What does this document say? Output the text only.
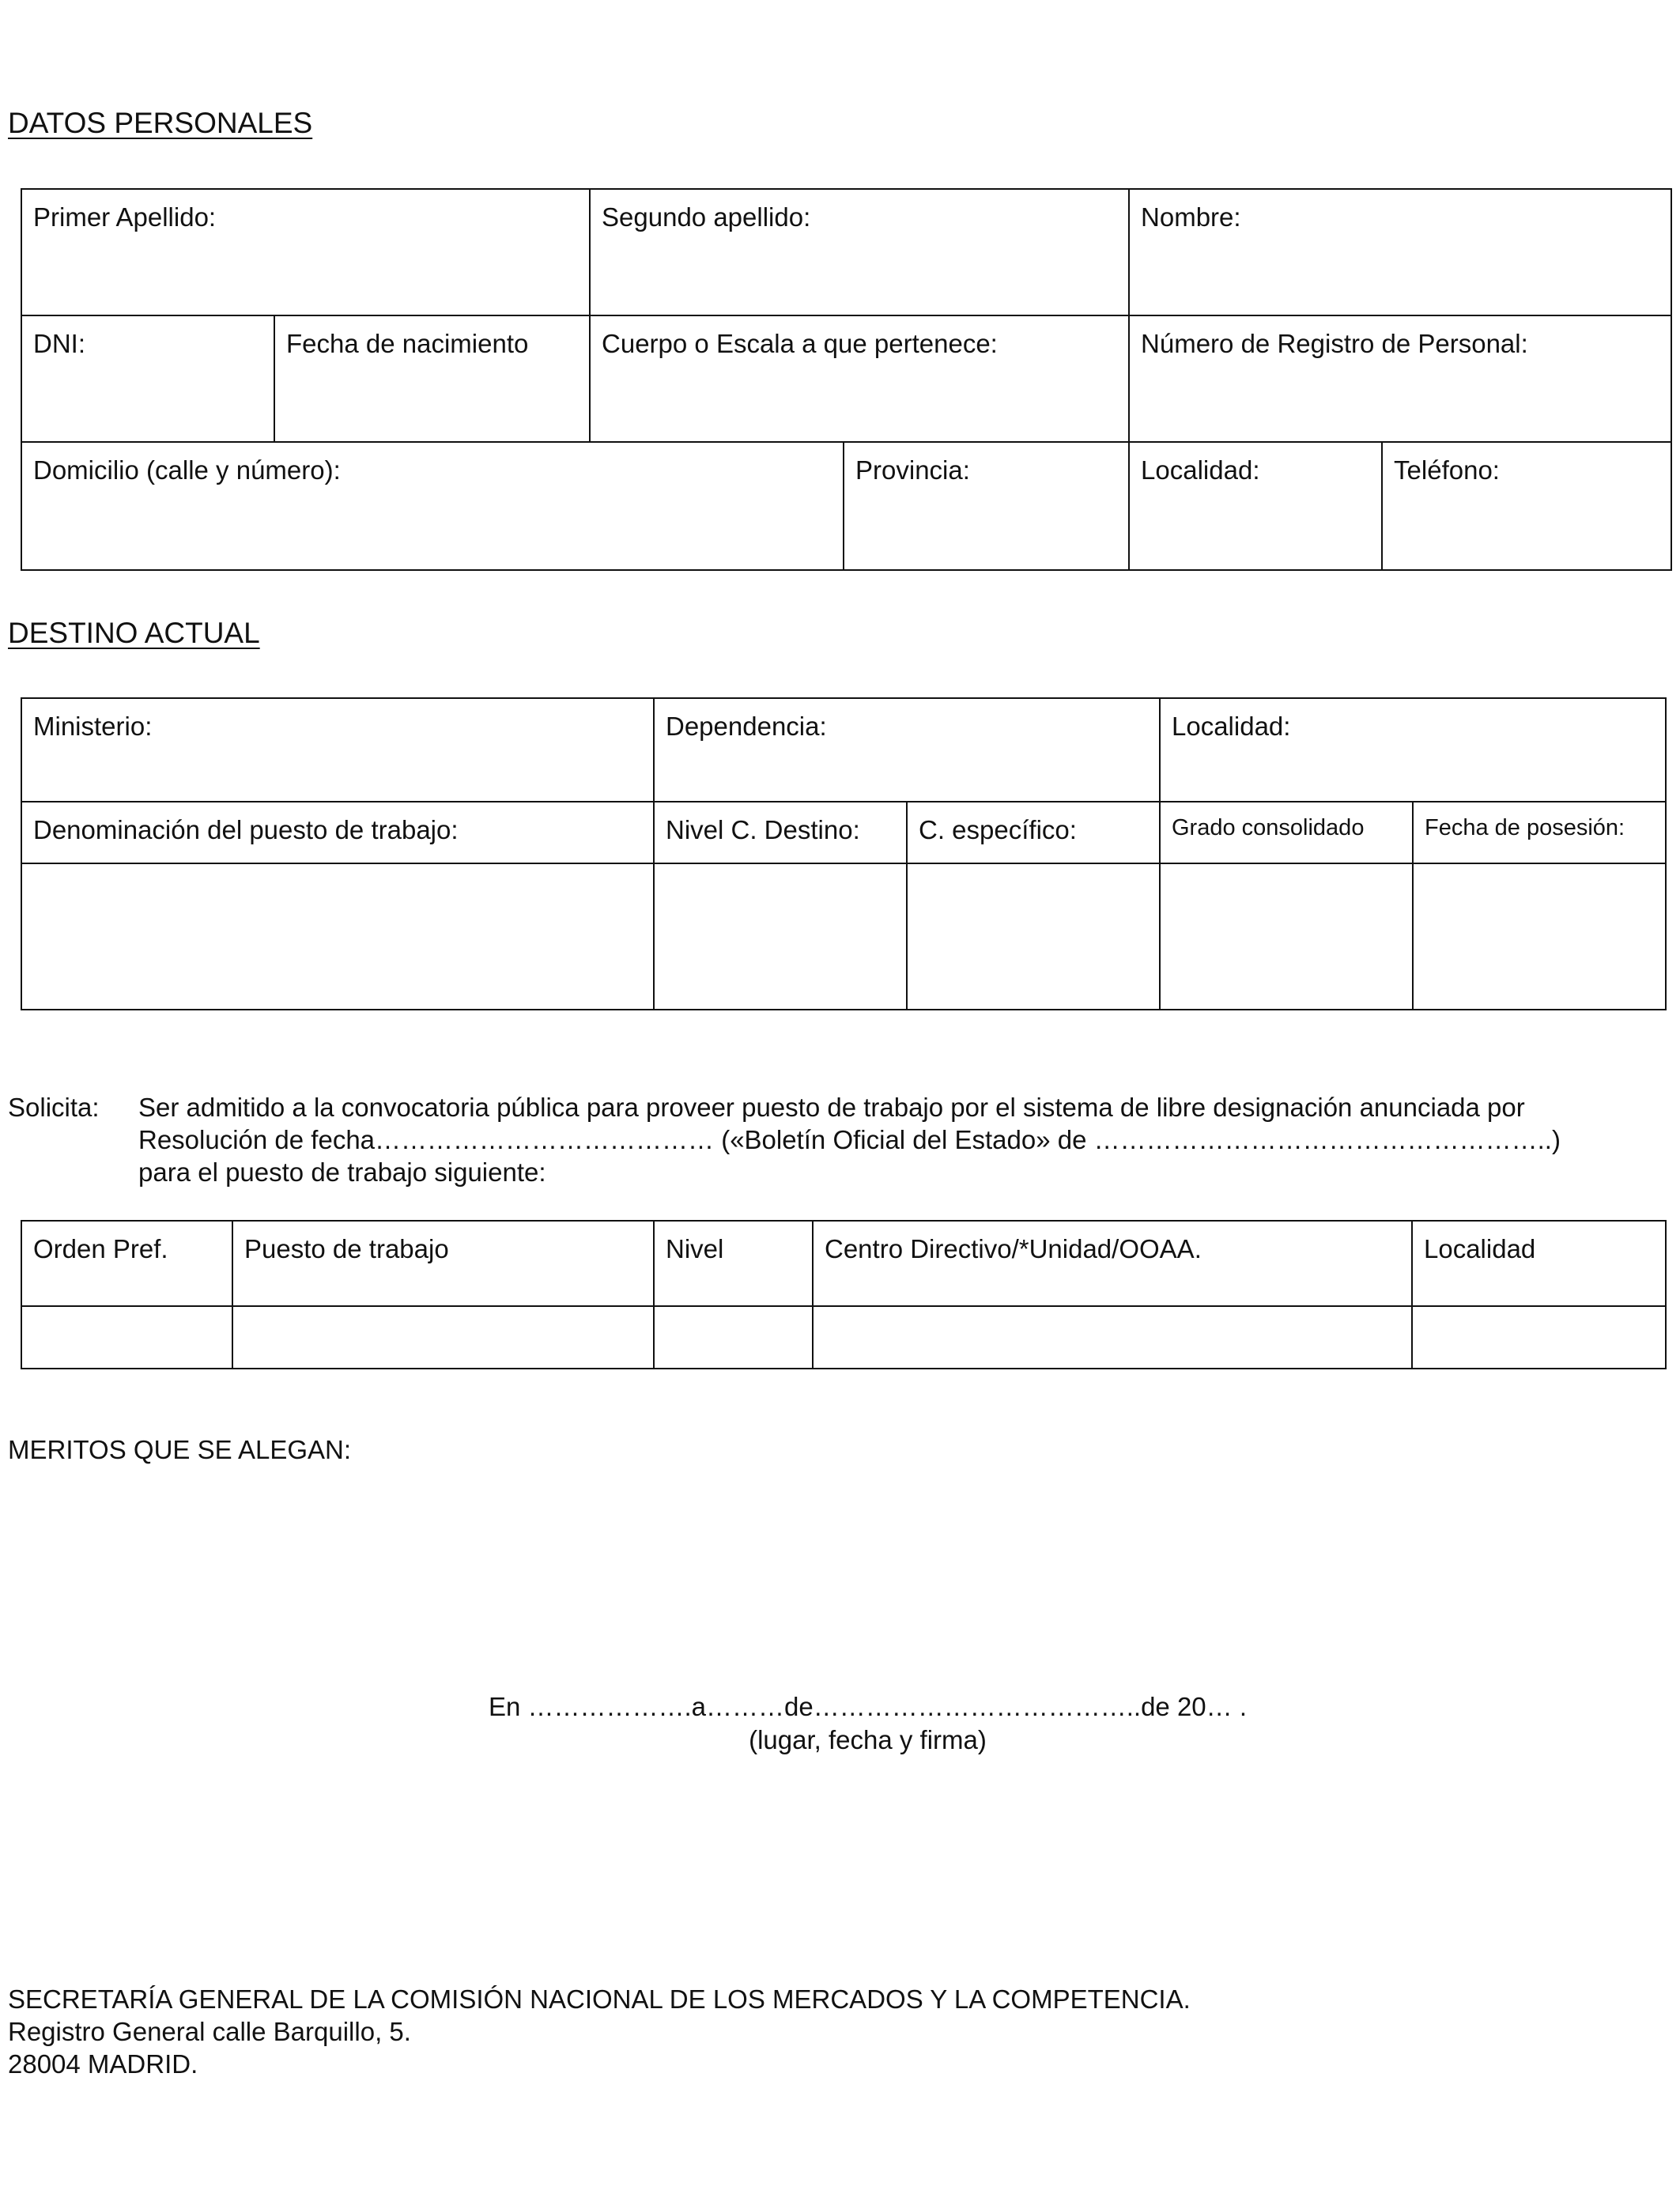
DATOS PERSONALES
Primer Apellido:		Segundo apellido:		Nombre:	
DNI:	Fecha de nacimiento	Cuerpo o Escala a que pertenece:		Número de Registro de Personal:	
Domicilio (calle y número):			Provincia:	Localidad:	Teléfono:
DESTINO ACTUAL
Ministerio:	Dependencia:		Localidad:	
Denominación del puesto de trabajo:	Nivel C. Destino:	C. específico:	Grado consolidado	Fecha de posesión:

Solicita: Ser admitido a la convocatoria pública para proveer puesto de trabajo por el sistema de libre designación anunciada por
Resolución de fecha………………………………… («Boletín Oficial del Estado» de ……………………………………………..)
para el puesto de trabajo siguiente:
Orden Pref.	Puesto de trabajo	Nivel	Centro Directivo/*Unidad/OOAA.	Localidad

MERITOS QUE SE ALEGAN:
En ……………….a………de………………………………..de 20… .
(lugar, fecha y firma)
SECRETARÍA GENERAL DE LA COMISIÓN NACIONAL DE LOS MERCADOS Y LA COMPETENCIA.
Registro General calle Barquillo, 5.
28004 MADRID.
